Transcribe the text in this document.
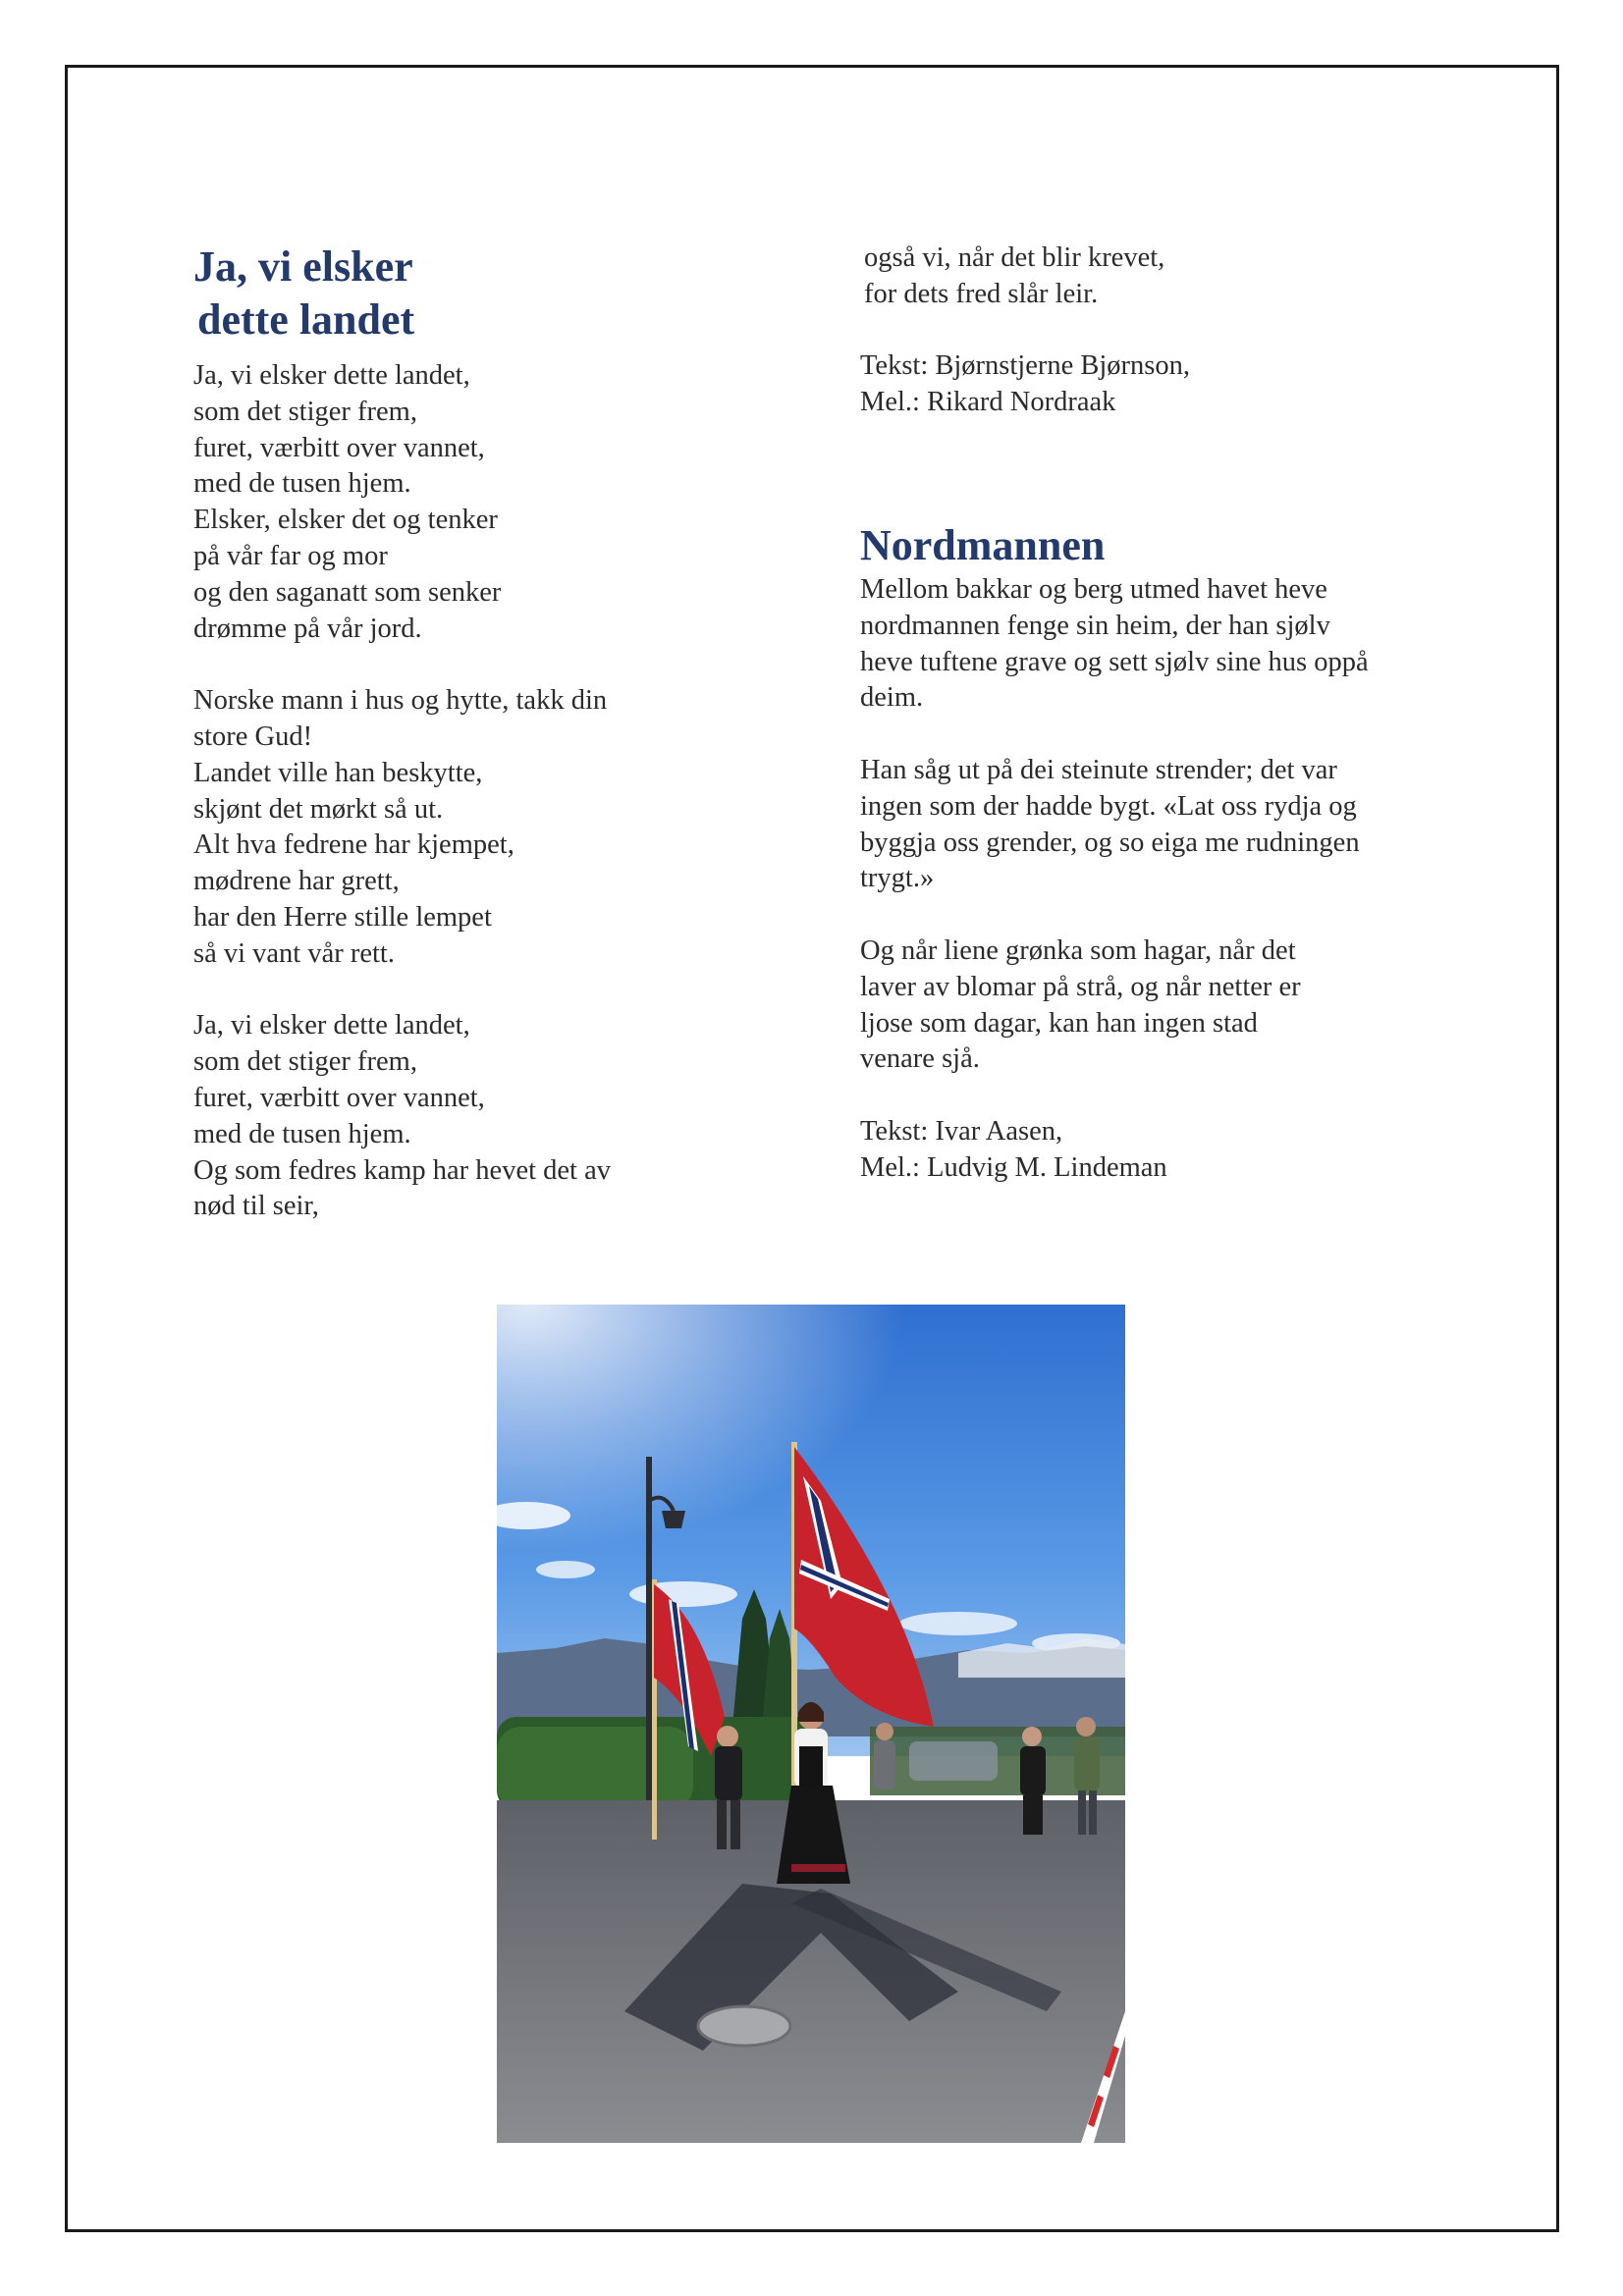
Ja, vi elsker
dette landet
Ja, vi elsker dette landet,
som det stiger frem,
furet, værbitt over vannet,
med de tusen hjem.
Elsker, elsker det og tenker
på vår far og mor
og den saganatt som senker
drømme på vår jord.
Norske mann i hus og hytte, takk din
store Gud!
Landet ville han beskytte,
skjønt det mørkt så ut.
Alt hva fedrene har kjempet,
mødrene har grett,
har den Herre stille lempet
så vi vant vår rett.
Ja, vi elsker dette landet,
som det stiger frem,
furet, værbitt over vannet,
med de tusen hjem.
Og som fedres kamp har hevet det av
nød til seir,
også vi, når det blir krevet,
for dets fred slår leir.
Tekst: Bjørnstjerne Bjørnson,
Mel.: Rikard Nordraak
Nordmannen
Mellom bakkar og berg utmed havet heve
nordmannen fenge sin heim, der han sjølv
heve tuftene grave og sett sjølv sine hus oppå
deim.
Han såg ut på dei steinute strender; det var
ingen som der hadde bygt. «Lat oss rydja og
byggja oss grender, og so eiga me rudningen
trygt.»
Og når liene grønka som hagar, når det
laver av blomar på strå, og når netter er
ljose som dagar, kan han ingen stad
venare sjå.
Tekst: Ivar Aasen,
Mel.: Ludvig M. Lindeman
